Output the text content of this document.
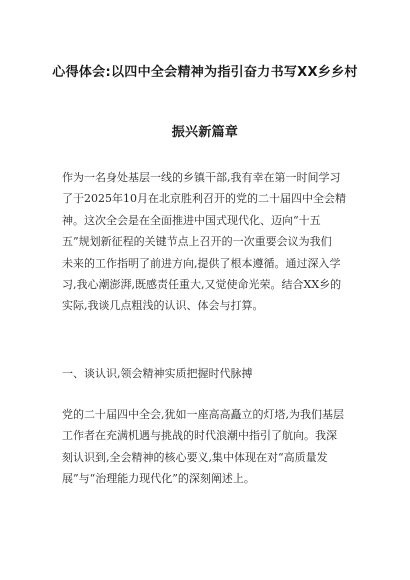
心得体会:以四中全会精神为指引奋力书写XX乡乡村
振兴新篇章
作为一名身处基层一线的乡镇干部,我有幸在第一时间学习
了于2025年10月在北京胜利召开的党的二十届四中全会精
神。这次全会是在全面推进中国式现代化、迈向“十五
五”规划新征程的关键节点上召开的一次重要会议为我们
未来的工作指明了前进方向,提供了根本遵循。通过深入学
习,我心潮澎湃,既感责任重大,又觉使命光荣。结合XX乡的
实际,我谈几点粗浅的认识、体会与打算。
一、谈认识,领会精神实质把握时代脉搏
党的二十届四中全会,犹如一座高高矗立的灯塔,为我们基层
工作者在充满机遇与挑战的时代浪潮中指引了航向。我深
刻认识到,全会精神的核心要义,集中体现在对“高质量发
展”与“治理能力现代化”的深刻阐述上。
